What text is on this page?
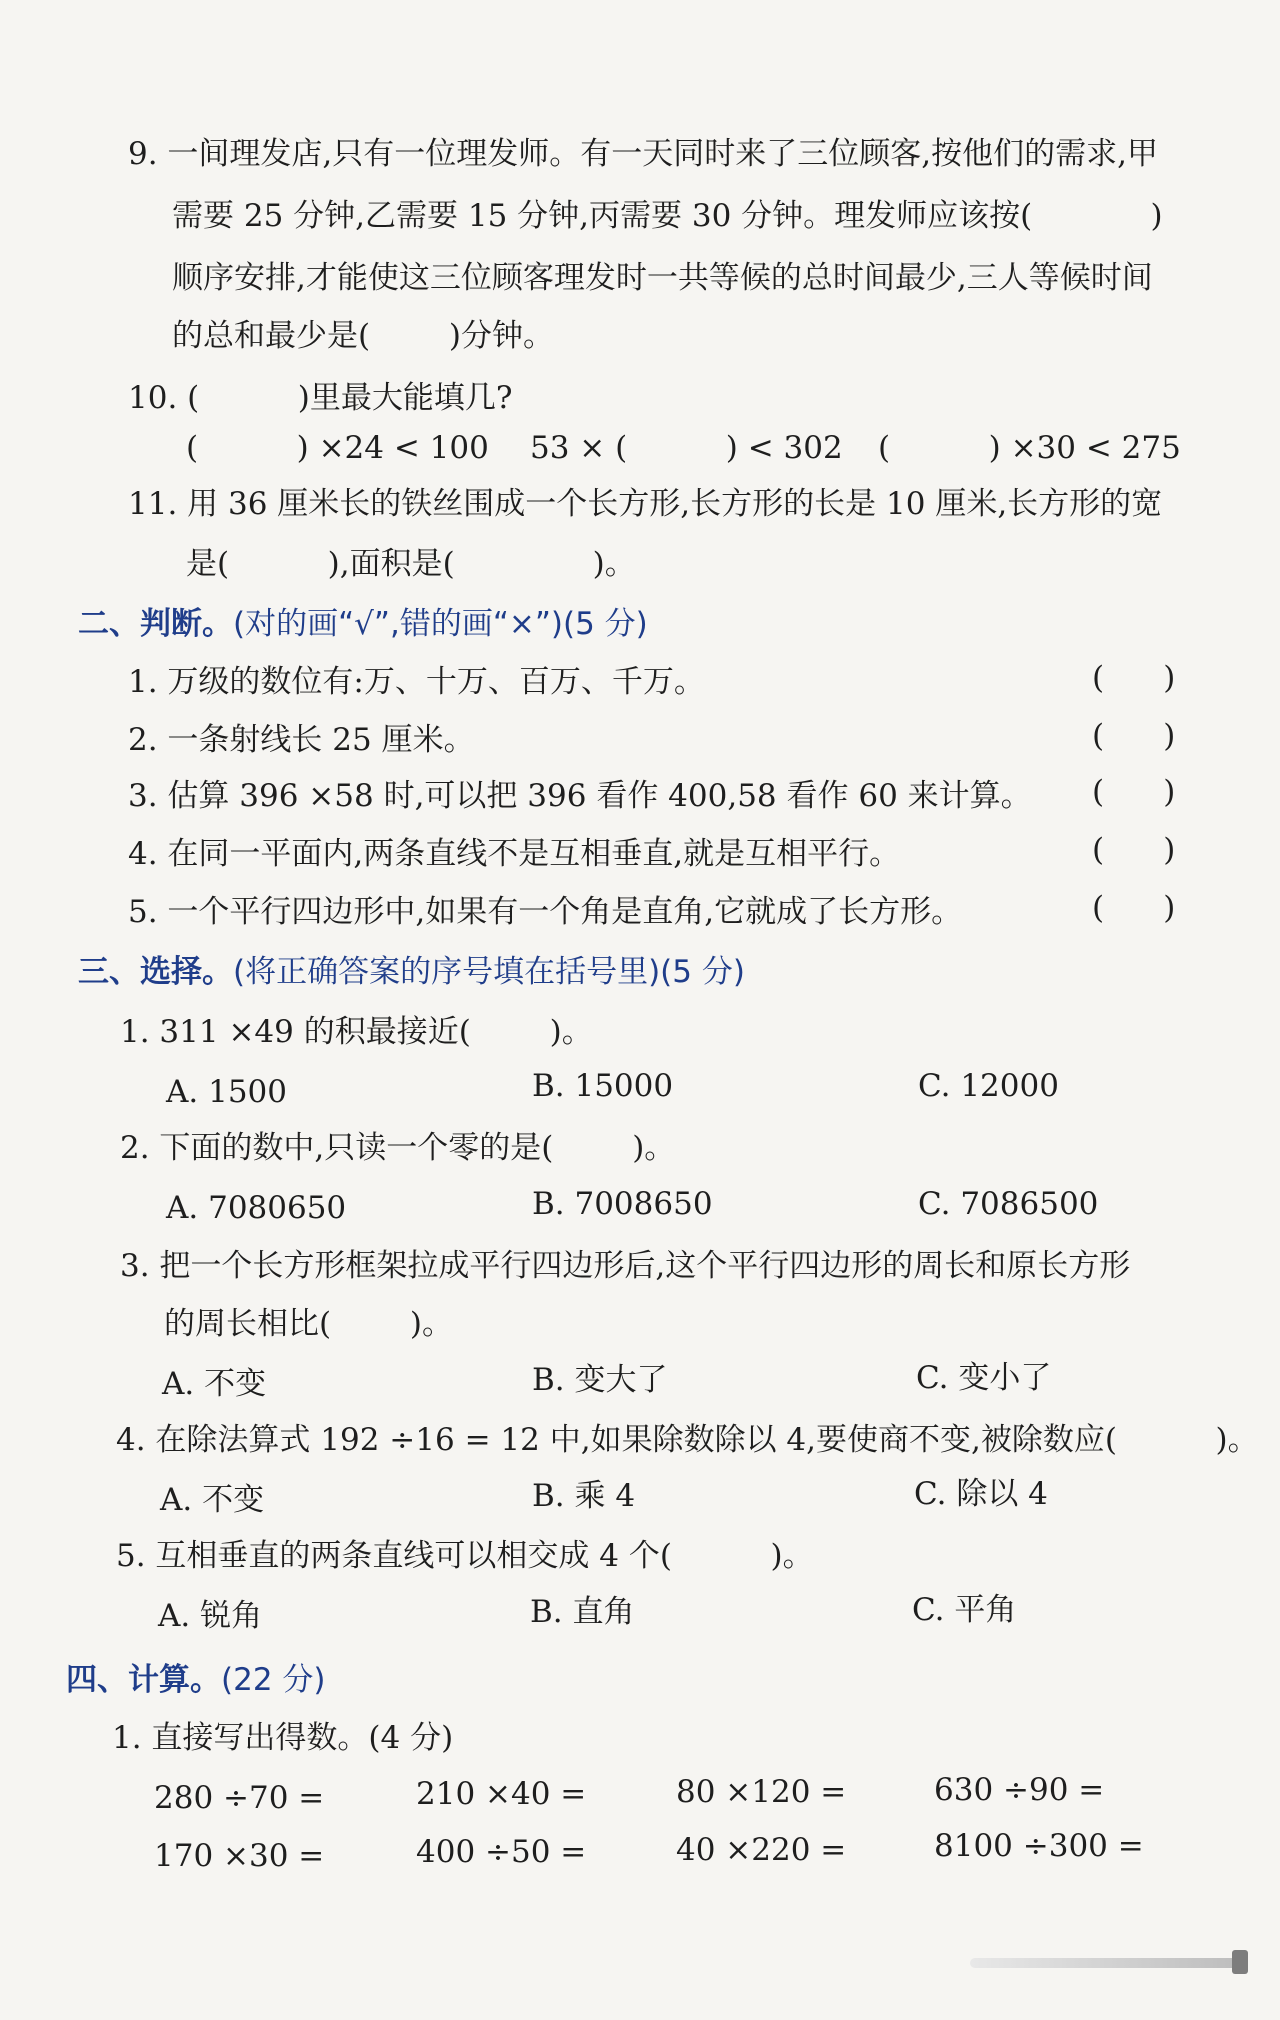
9. 一间理发店,只有一位理发师。有一天同时来了三位顾客,按他们的需求,甲
需要 25 分钟,乙需要 15 分钟,丙需要 30 分钟。理发师应该按(            )
顺序安排,才能使这三位顾客理发时一共等候的总时间最少,三人等候时间
的总和最少是(        )分钟。
10. (          )里最大能填几?
(          ) ×24 < 100 53 × (          ) < 302 (          ) ×30 < 275
11. 用 36 厘米长的铁丝围成一个长方形,长方形的长是 10 厘米,长方形的宽
是(          ),面积是(              )。
二、判断。(对的画“√”,错的画“×”)(5 分)
1. 万级的数位有:万、十万、百万、千万。	(      )
2. 一条射线长 25 厘米。	(      )
3. 估算 396 ×58 时,可以把 396 看作 400,58 看作 60 来计算。 (      )
4. 在同一平面内,两条直线不是互相垂直,就是互相平行。	(      )
5. 一个平行四边形中,如果有一个角是直角,它就成了长方形。	(      )
三、选择。(将正确答案的序号填在括号里)(5 分)
1. 311 ×49 的积最接近(        )。
A. 1500	B. 15000	C. 12000
2. 下面的数中,只读一个零的是(        )。
A. 7080650	B. 7008650	C. 7086500
3. 把一个长方形框架拉成平行四边形后,这个平行四边形的周长和原长方形
的周长相比(        )。
A. 不变	B. 变大了	C. 变小了
4. 在除法算式 192 ÷16 = 12 中,如果除数除以 4,要使商不变,被除数应(          )。
A. 不变	B. 乘 4	C. 除以 4
5. 互相垂直的两条直线可以相交成 4 个(          )。
A. 锐角	B. 直角	C. 平角
四、计算。(22 分)
1. 直接写出得数。(4 分)
280 ÷70 =	210 ×40 =	80 ×120 =	630 ÷90 =
170 ×30 =	400 ÷50 =	40 ×220 =	8100 ÷300 =
